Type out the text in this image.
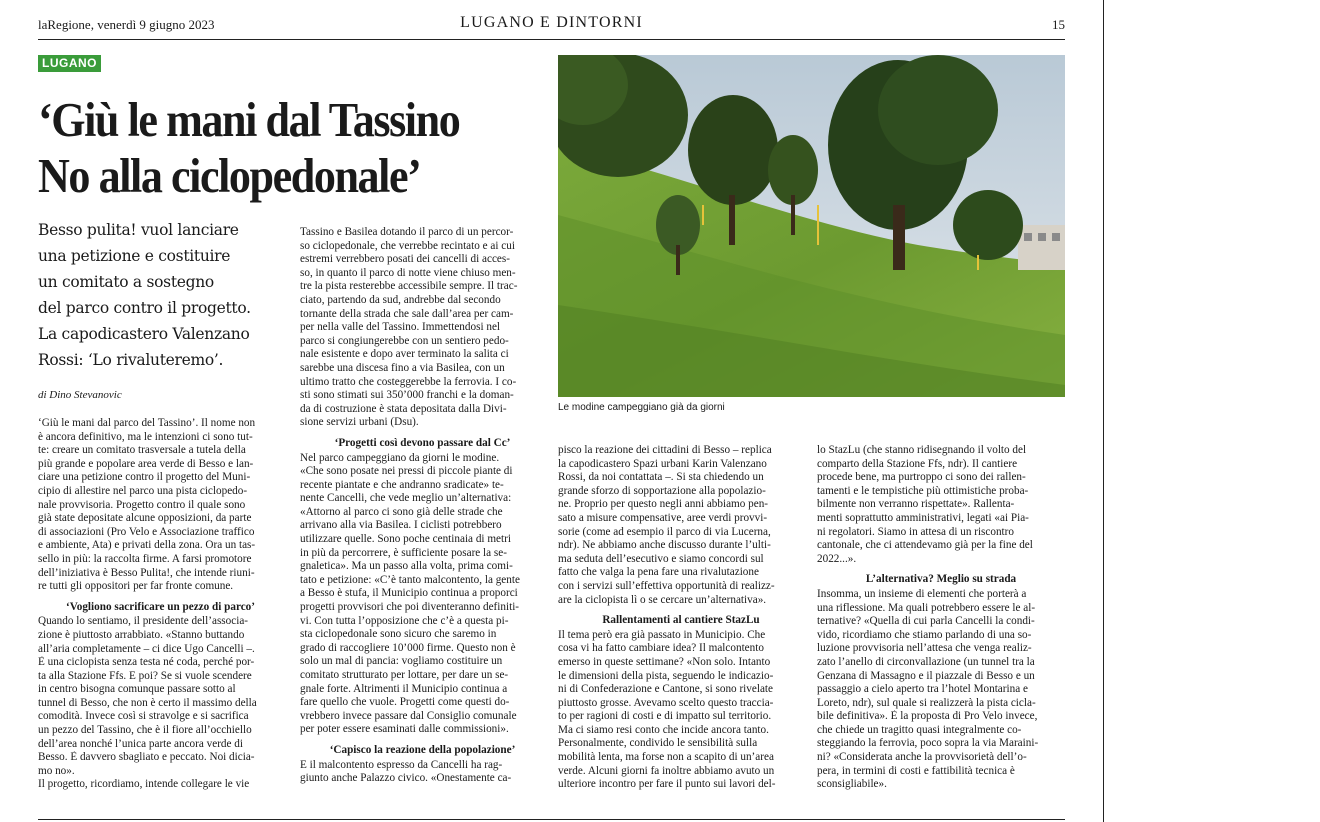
laRegione, venerdì 9 giugno 2023	LUGANO E DINTORNI	15
LUGANO
‘Giù le mani dal Tassino
No alla ciclopedonale’
Besso pulita! vuol lanciare
una petizione e costituire
un comitato a sostegno
del parco contro il progetto.
La capodicastero Valenzano
Rossi: ‘Lo rivaluteremo’.
di Dino Stevanovic
‘Giù le mani dal parco del Tassino’. Il nome non
è ancora definitivo, ma le intenzioni ci sono tut-
te: creare un comitato trasversale a tutela della
più grande e popolare area verde di Besso e lan-
ciare una petizione contro il progetto del Muni-
cipio di allestire nel parco una pista ciclopedo-
nale provvisoria. Progetto contro il quale sono
già state depositate alcune opposizioni, da parte
di associazioni (Pro Velo e Associazione traffico
e ambiente, Ata) e privati della zona. Ora un tas-
sello in più: la raccolta firme. A farsi promotore
dell’iniziativa è Besso Pulita!, che intende riuni-
re tutti gli oppositori per far fronte comune.
‘Vogliono sacrificare un pezzo di parco’
Quando lo sentiamo, il presidente dell’associa-
zione è piuttosto arrabbiato. «Stanno buttando
all’aria completamente – ci dice Ugo Cancelli –.
È una ciclopista senza testa né coda, perché por-
ta alla Stazione Ffs. E poi? Se si vuole scendere
in centro bisogna comunque passare sotto al
tunnel di Besso, che non è certo il massimo della
comodità. Invece così si stravolge e si sacrifica
un pezzo del Tassino, che è il fiore all’occhiello
dell’area nonché l’unica parte ancora verde di
Besso. È davvero sbagliato e peccato. Noi dicia-
mo no».
Il progetto, ricordiamo, intende collegare le vie
Tassino e Basilea dotando il parco di un percor-
so ciclopedonale, che verrebbe recintato e ai cui
estremi verrebbero posati dei cancelli di acces-
so, in quanto il parco di notte viene chiuso men-
tre la pista resterebbe accessibile sempre. Il trac-
ciato, partendo da sud, andrebbe dal secondo
tornante della strada che sale dall’area per cam-
per nella valle del Tassino. Immettendosi nel
parco si congiungerebbe con un sentiero pedo-
nale esistente e dopo aver terminato la salita ci
sarebbe una discesa fino a via Basilea, con un
ultimo tratto che costeggerebbe la ferrovia. I co-
sti sono stimati sui 350’000 franchi e la doman-
da di costruzione è stata depositata dalla Divi-
sione servizi urbani (Dsu).
‘Progetti così devono passare dal Cc’
Nel parco campeggiano da giorni le modine.
«Che sono posate nei pressi di piccole piante di
recente piantate e che andranno sradicate» te-
nente Cancelli, che vede meglio un’alternativa:
«Attorno al parco ci sono già delle strade che
arrivano alla via Basilea. I ciclisti potrebbero
utilizzare quelle. Sono poche centinaia di metri
in più da percorrere, è sufficiente posare la se-
gnaletica». Ma un passo alla volta, prima comi-
tato e petizione: «C’è tanto malcontento, la gente
a Besso è stufa, il Municipio continua a proporci
progetti provvisori che poi diventeranno definiti-
vi. Con tutta l’opposizione che c’è a questa pi-
sta ciclopedonale sono sicuro che saremo in
grado di raccogliere 10’000 firme. Questo non è
solo un mal di pancia: vogliamo costituire un
comitato strutturato per lottare, per dare un se-
gnale forte. Altrimenti il Municipio continua a
fare quello che vuole. Progetti come questi do-
vrebbero invece passare dal Consiglio comunale
per poter essere esaminati dalle commissioni».
‘Capisco la reazione della popolazione’
E il malcontento espresso da Cancelli ha rag-
giunto anche Palazzo civico. «Onestamente ca-
pisco la reazione dei cittadini di Besso – replica
la capodicastero Spazi urbani Karin Valenzano
Rossi, da noi contattata –. Si sta chiedendo un
grande sforzo di sopportazione alla popolazio-
ne. Proprio per questo negli anni abbiamo pen-
sato a misure compensative, aree verdi provvi-
sorie (come ad esempio il parco di via Lucerna,
ndr). Ne abbiamo anche discusso durante l’ulti-
ma seduta dell’esecutivo e siamo concordi sul
fatto che valga la pena fare una rivalutazione
con i servizi sull’effettiva opportunità di realizz-
are la ciclopista lì o se cercare un’alternativa».
Rallentamenti al cantiere StazLu
Il tema però era già passato in Municipio. Che
cosa vi ha fatto cambiare idea? Il malcontento
emerso in queste settimane? «Non solo. Intanto
le dimensioni della pista, seguendo le indicazio-
ni di Confederazione e Cantone, si sono rivelate
piuttosto grosse. Avevamo scelto questo traccia-
to per ragioni di costi e di impatto sul territorio.
Ma ci siamo resi conto che incide ancora tanto.
Personalmente, condivido le sensibilità sulla
mobilità lenta, ma forse non a scapito di un’area
verde. Alcuni giorni fa inoltre abbiamo avuto un
ulteriore incontro per fare il punto sui lavori del-
lo StazLu (che stanno ridisegnando il volto del
comparto della Stazione Ffs, ndr). Il cantiere
procede bene, ma purtroppo ci sono dei rallen-
tamenti e le tempistiche più ottimistiche proba-
bilmente non verranno rispettate». Rallenta-
menti soprattutto amministrativi, legati «ai Pia-
ni regolatori. Siamo in attesa di un riscontro
cantonale, che ci attendevamo già per la fine del
2022...».
L’alternativa? Meglio su strada
Insomma, un insieme di elementi che porterà a
una riflessione. Ma quali potrebbero essere le al-
ternative? «Quella di cui parla Cancelli la condi-
vido, ricordiamo che stiamo parlando di una so-
luzione provvisoria nell’attesa che venga realiz-
zato l’anello di circonvallazione (un tunnel tra la
Genzana di Massagno e il piazzale di Besso e un
passaggio a cielo aperto tra l’hotel Montarina e
Loreto, ndr), sul quale si realizzerà la pista cicla-
bile definitiva». È la proposta di Pro Velo invece,
che chiede un tragitto quasi integralmente co-
steggiando la ferrovia, poco sopra la via Maraini-
ni? «Considerata anche la provvisorietà dell’o-
pera, in termini di costi e fattibilità tecnica è
sconsigliabile».
Le modine campeggiano già da giorni
